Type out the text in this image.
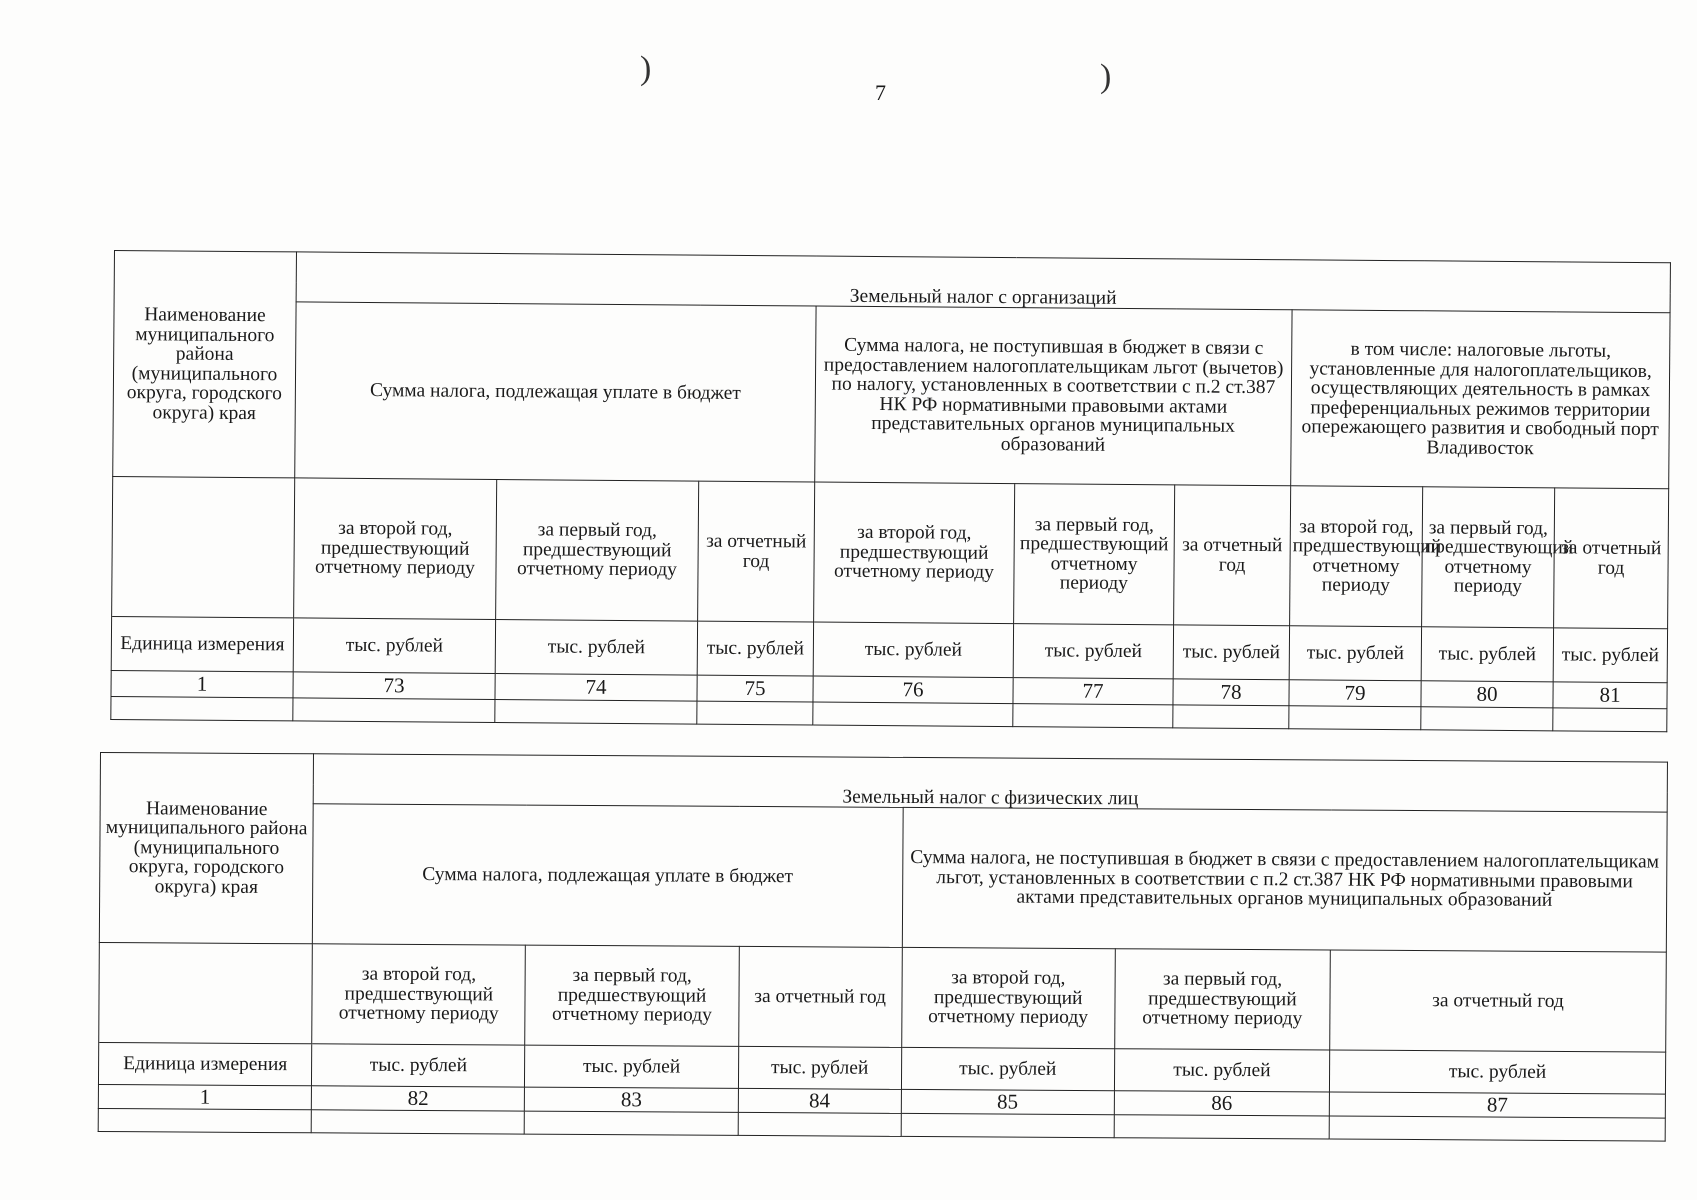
7
)	)
Наименование муниципального района (муниципального округа, городского округа) края									
	Земельный налог с организаций								
	Сумма налога, подлежащая уплате в бюджет			Сумма налога, не поступившая в бюджет в связи с предоставлением налогоплательщикам льгот (вычетов) по налогу, установленных в соответствии с п.2 ст.387 НК РФ нормативными правовыми актами представительных органов муниципальных образований			в том числе: налоговые льготы, установленные для налогоплательщиков, осуществляющих деятельность в рамках преференциальных режимов территории опережающего развития и свободный порт Владивосток		
	за второй год, предшествующий отчетному периоду	за первый год, предшествующий отчетному периоду	за отчетный год	за второй год, предшествующий отчетному периоду	за первый год, предшествующий отчетному периоду	за отчетный год	за второй год, предшествующий отчетному периоду	за первый год, предшествующий отчетному периоду	за отчетный год
Единица измерения	тыс. рублей	тыс. рублей	тыс. рублей	тыс. рублей	тыс. рублей	тыс. рублей	тыс. рублей	тыс. рублей	тыс. рублей
1	73	74	75	76	77	78	79	80	81

Наименование муниципального района (муниципального округа, городского округа) края						
	Земельный налог с физических лиц					
	Сумма налога, подлежащая уплате в бюджет			Сумма налога, не поступившая в бюджет в связи с предоставлением налогоплательщикам льгот, установленных в соответствии с п.2 ст.387 НК РФ нормативными правовыми актами представительных органов муниципальных образований		
	за второй год, предшествующий отчетному периоду	за первый год, предшествующий отчетному периоду	за отчетный год	за второй год, предшествующий отчетному периоду	за первый год, предшествующий отчетному периоду	за отчетный год
Единица измерения	тыс. рублей	тыс. рублей	тыс. рублей	тыс. рублей	тыс. рублей	тыс. рублей
1	82	83	84	85	86	87
